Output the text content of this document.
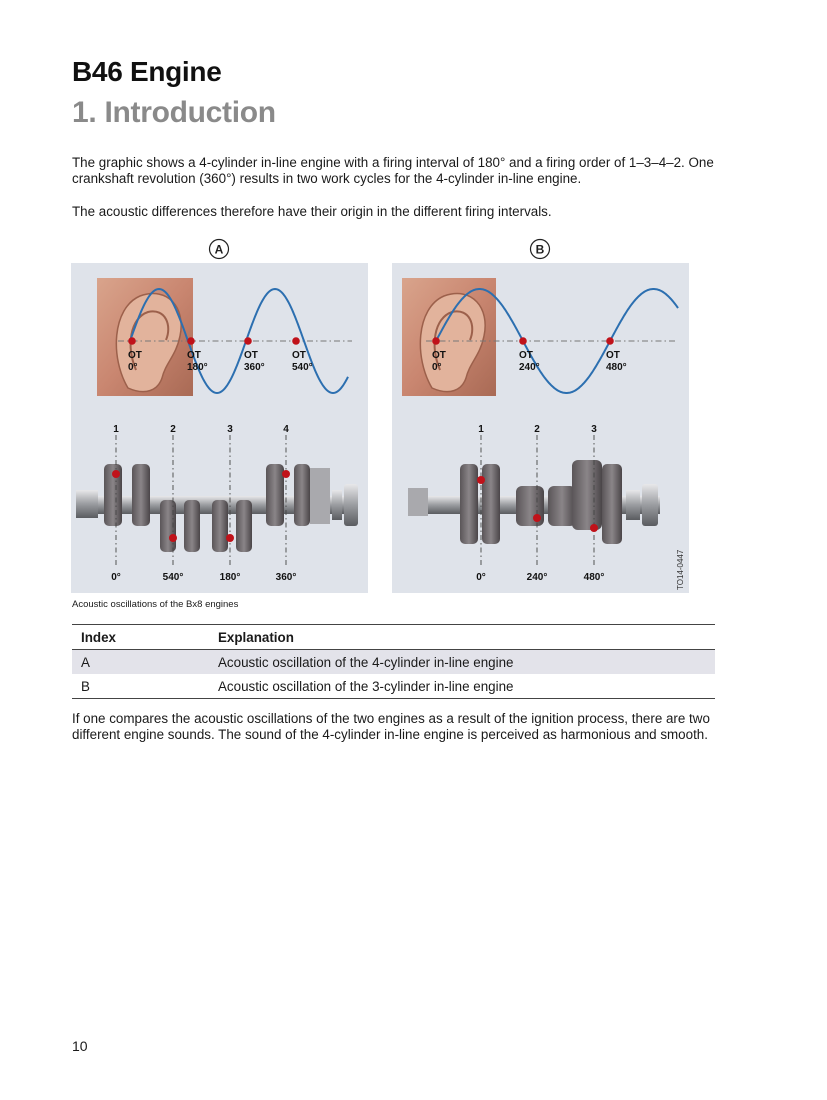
B46 Engine
1. Introduction
The graphic shows a 4-cylinder in-line engine with a firing interval of 180° and a firing order of 1–3–4–2. One crankshaft revolution (360°) results in two work cycles for the 4-cylinder in-line engine.
The acoustic differences therefore have their origin in the different firing intervals.
A
OT
0°
OT
180°
OT
360°
OT
540°
1
0°
2
540°
3
180°
4
360°
B
OT
0°
OT
240°
OT
480°
1
0°
2
240°
3
480°	TO14-0447
Acoustic oscillations of the Bx8 engines
Index	Explanation
A	Acoustic oscillation of the 4-cylinder in-line engine
B	Acoustic oscillation of the 3-cylinder in-line engine
If one compares the acoustic oscillations of the two engines as a result of the ignition process, there are two different engine sounds. The sound of the 4-cylinder in-line engine is perceived as harmonious and smooth.
10
